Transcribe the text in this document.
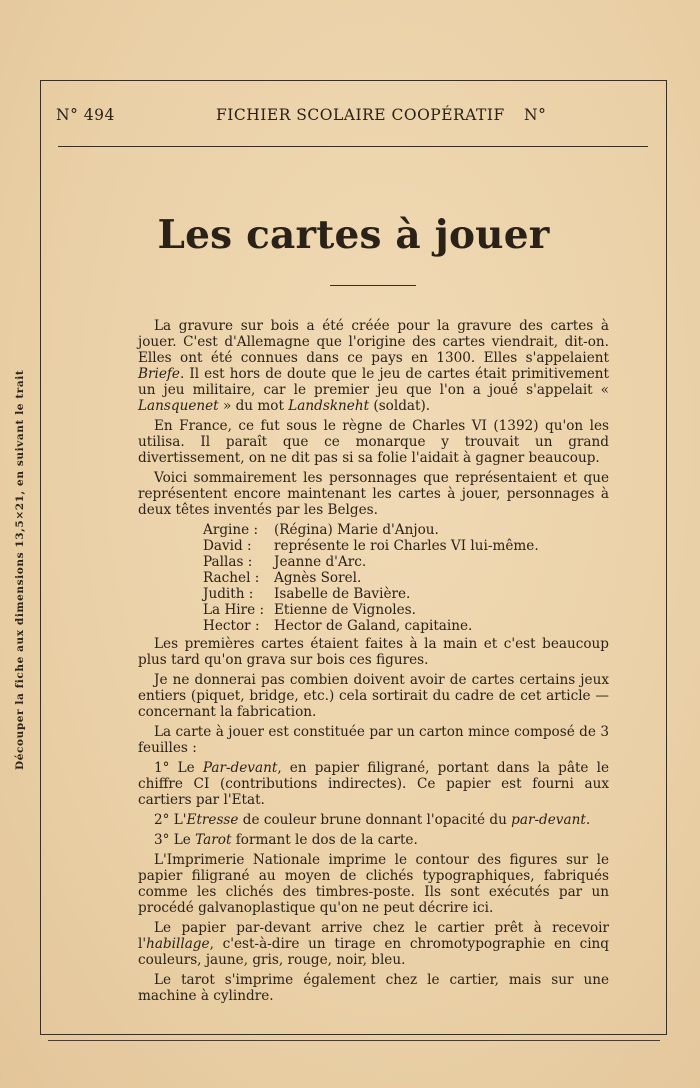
N° 494	FICHIER SCOLAIRE COOPÉRATIF N°
Les cartes à jouer
Découper la fiche aux dimensions 13,5×21, en suivant le trait

La gravure sur bois a été créée pour la gravure des cartes à jouer. C'est d'Allemagne que l'origine des cartes viendrait, dit-on. Elles ont été connues dans ce pays en 1300. Elles s'appelaient Briefe. Il est hors de doute que le jeu de cartes était primitivement un jeu militaire, car le premier jeu que l'on a joué s'appelait « Lansquenet » du mot Landskneht (soldat).

En France, ce fut sous le règne de Charles VI (1392) qu'on les utilisa. Il paraît que ce monarque y trouvait un grand divertissement, on ne dit pas si sa folie l'aidait à gagner beaucoup.

Voici sommairement les personnages que représentaient et que représentent encore maintenant les cartes à jouer, personnages à deux têtes inventés par les Belges.

Argine :	(Régina) Marie d'Anjou.
David :	représente le roi Charles VI lui-même.
Pallas :	Jeanne d'Arc.
Rachel :	Agnès Sorel.
Judith :	Isabelle de Bavière.
La Hire : Etienne de Vignoles.
Hector :	Hector de Galand, capitaine.

Les premières cartes étaient faites à la main et c'est beaucoup plus tard qu'on grava sur bois ces figures.

Je ne donnerai pas combien doivent avoir de cartes certains jeux entiers (piquet, bridge, etc.) cela sortirait du cadre de cet article — concernant la fabrication.

La carte à jouer est constituée par un carton mince composé de 3 feuilles :

1° Le Par-devant, en papier filigrané, portant dans la pâte le chiffre CI (contributions indirectes). Ce papier est fourni aux cartiers par l'Etat.

2° L'Etresse de couleur brune donnant l'opacité du par-devant.

3° Le Tarot formant le dos de la carte.

L'Imprimerie Nationale imprime le contour des figures sur le papier filigrané au moyen de clichés typographiques, fabriqués comme les clichés des timbres-poste. Ils sont exécutés par un procédé galvanoplastique qu'on ne peut décrire ici.

Le papier par-devant arrive chez le cartier prêt à recevoir l'habillage, c'est-à-dire un tirage en chromotypographie en cinq couleurs, jaune, gris, rouge, noir, bleu.

Le tarot s'imprime également chez le cartier, mais sur une machine à cylindre.
